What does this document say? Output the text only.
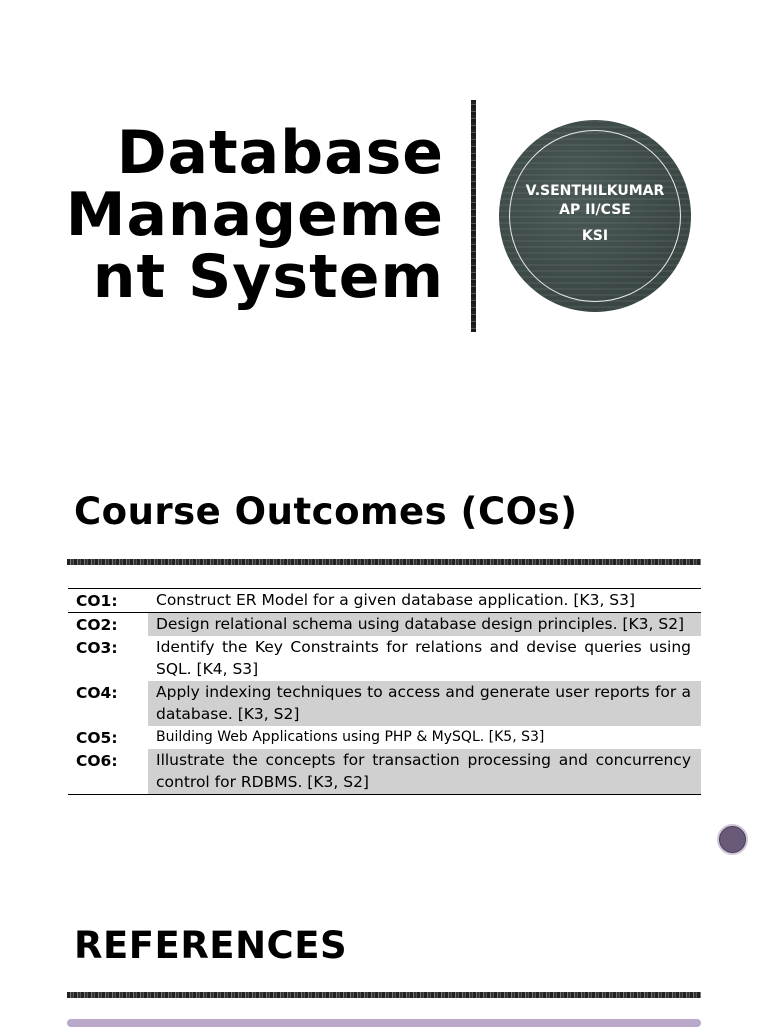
Database
Manageme
nt System
V.SENTHILKUMAR
AP II/CSE
KSI
Course Outcomes (COs)
CO1:	Construct ER Model for a given database application. [K3, S3]
CO2:	Design relational schema using database design principles. [K3, S2]
CO3:	Identify the Key Constraints for relations and devise queries using SQL. [K4, S3]
CO4:	Apply indexing techniques to access and generate user reports for a database. [K3, S2]
CO5:	Building Web Applications using PHP & MySQL. [K5, S3]
CO6:	Illustrate the concepts for transaction processing and concurrency control for RDBMS. [K3, S2]
REFERENCES
